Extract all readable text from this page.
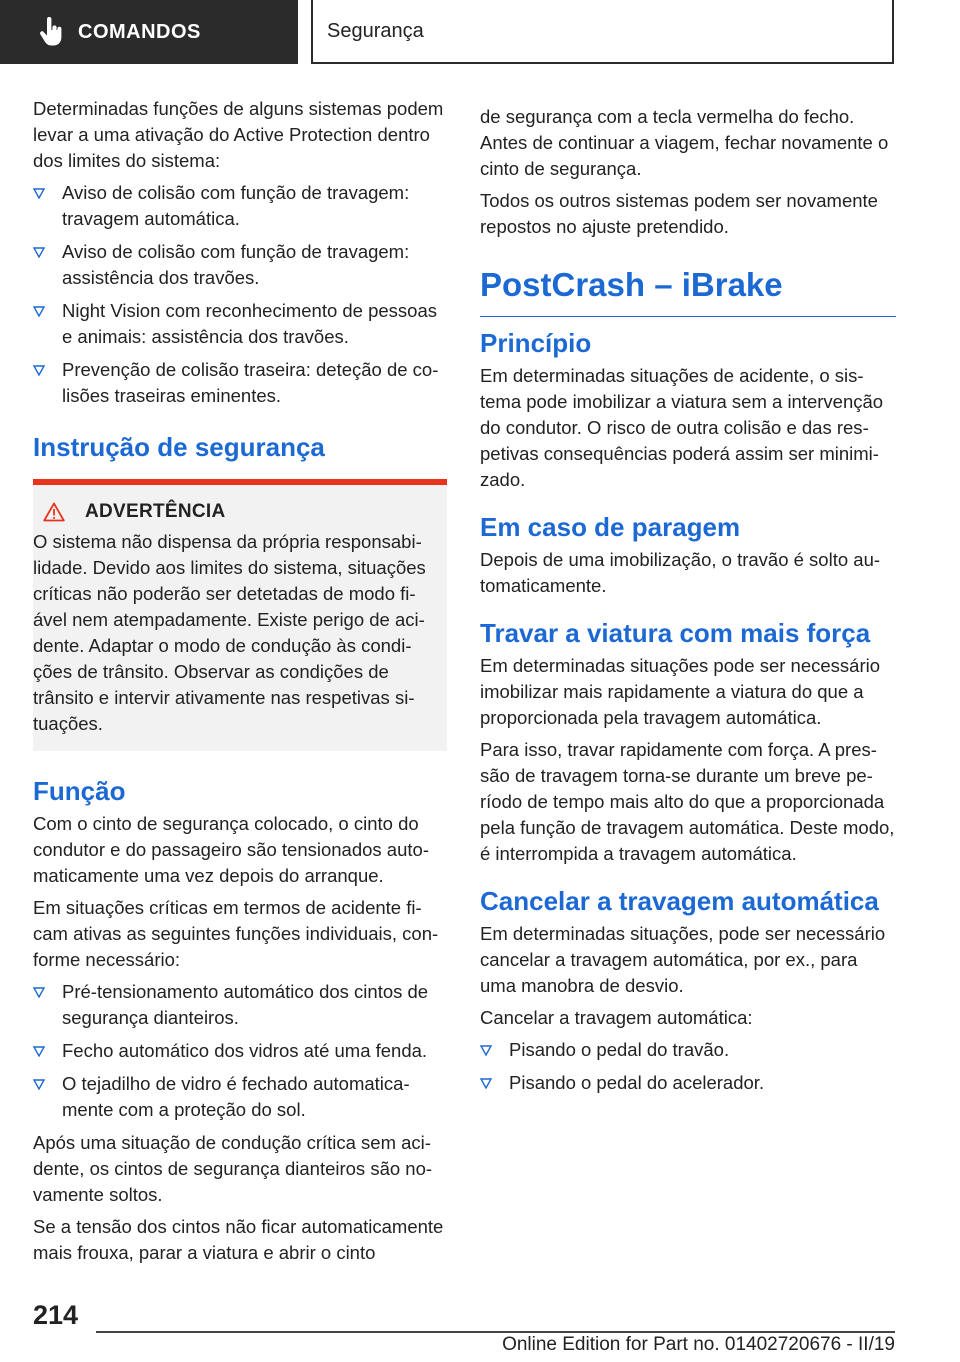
COMANDOS	Segurança

Determinadas funções de alguns sistemas podem levar a uma ativação do Active Protection dentro dos limites do sistema:

Aviso de colisão com função de travagem: travagem automática.
Aviso de colisão com função de travagem: assistência dos travões.
Night Vision com reconhecimento de pessoas e animais: assistência dos travões.
Prevenção de colisão traseira: deteção de colisões traseiras eminentes.
Instrução de segurança
ADVERTÊNCIA

O sistema não dispensa da própria responsabilidade. Devido aos limites do sistema, situações críticas não poderão ser detetadas de modo fiável nem atempadamente. Existe perigo de acidente. Adaptar o modo de condução às condições de trânsito. Observar as condições de trânsito e intervir ativamente nas respetivas situações.

Função

Com o cinto de segurança colocado, o cinto do condutor e do passageiro são tensionados automaticamente uma vez depois do arranque.

Em situações críticas em termos de acidente ficam ativas as seguintes funções individuais, conforme necessário:

Pré-tensionamento automático dos cintos de segurança dianteiros.
Fecho automático dos vidros até uma fenda.
O tejadilho de vidro é fechado automaticamente com a proteção do sol.

Após uma situação de condução crítica sem acidente, os cintos de segurança dianteiros são novamente soltos.

Se a tensão dos cintos não ficar automaticamente mais frouxa, parar a viatura e abrir o cinto

de segurança com a tecla vermelha do fecho. Antes de continuar a viagem, fechar novamente o cinto de segurança.

Todos os outros sistemas podem ser novamente repostos no ajuste pretendido.

PostCrash – iBrake
Princípio

Em determinadas situações de acidente, o sistema pode imobilizar a viatura sem a intervenção do condutor. O risco de outra colisão e das respetivas consequências poderá assim ser minimizado.

Em caso de paragem

Depois de uma imobilização, o travão é solto automaticamente.

Travar a viatura com mais força

Em determinadas situações pode ser necessário imobilizar mais rapidamente a viatura do que a proporcionada pela travagem automática.

Para isso, travar rapidamente com força. A pressão de travagem torna-se durante um breve período de tempo mais alto do que a proporcionada pela função de travagem automática. Deste modo, é interrompida a travagem automática.

Cancelar a travagem automática

Em determinadas situações, pode ser necessário cancelar a travagem automática, por ex., para uma manobra de desvio.

Cancelar a travagem automática:

Pisando o pedal do travão.
Pisando o pedal do acelerador.
214
Online Edition for Part no. 01402720676 - II/19
